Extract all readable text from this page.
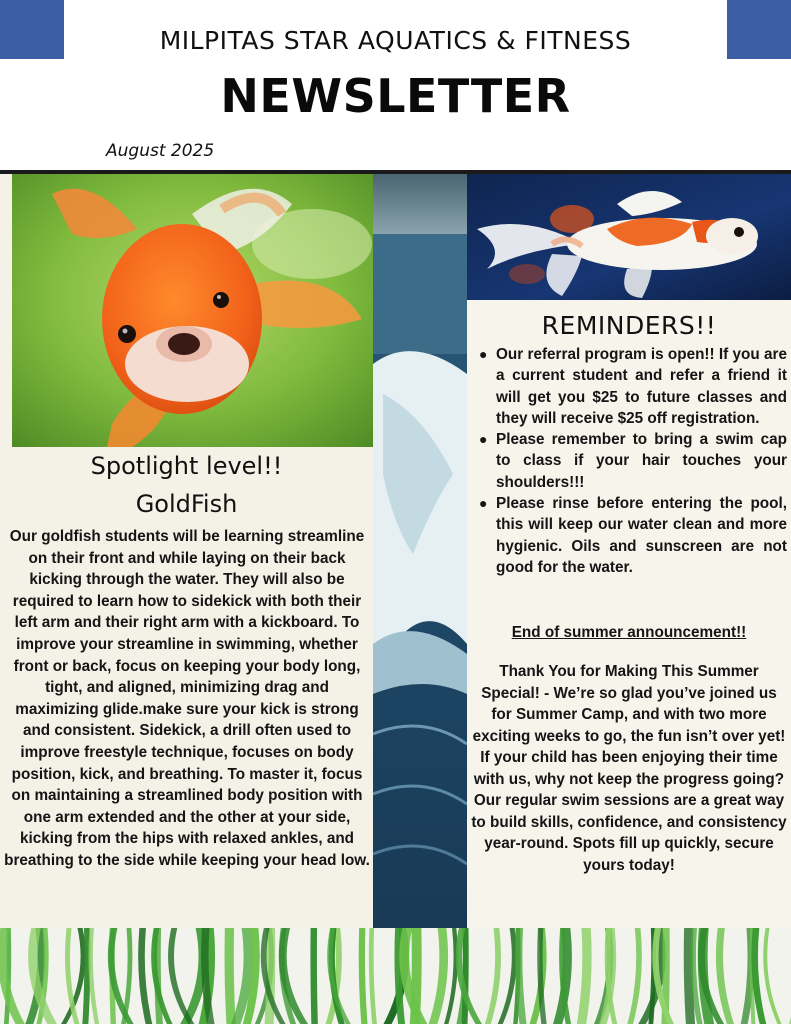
MILPITAS STAR AQUATICS & FITNESS
NEWSLETTER
August 2025
Spotlight level!!
GoldFish
Our goldfish students will be learning streamline on their front and while laying on their back kicking through the water. They will also be required to learn how to sidekick with both their left arm and their right arm with a kickboard. To improve your streamline in swimming, whether front or back, focus on keeping your body long, tight, and aligned, minimizing drag and maximizing glide.make sure your kick is strong and consistent. Sidekick, a drill often used to improve freestyle technique, focuses on body position, kick, and breathing. To master it, focus on maintaining a streamlined body position with one arm extended and the other at your side, kicking from the hips with relaxed ankles, and breathing to the side while keeping your head low.
REMINDERS!!
● Our referral program is open!! If you are a current student and refer a friend it will get you $25 to future classes and they will receive $25 off registration.
● Please remember to bring a swim cap to class if your hair touches your shoulders!!!
● Please rinse before entering the pool, this will keep our water clean and more hygienic. Oils and sunscreen are not good for the water.
End of summer announcement!!
Thank You for Making This Summer Special! - We’re so glad you’ve joined us for Summer Camp, and with two more exciting weeks to go, the fun isn’t over yet!
If your child has been enjoying their time with us, why not keep the progress going? Our regular swim sessions are a great way to build skills, confidence, and consistency year-round. Spots fill up quickly, secure yours today!
